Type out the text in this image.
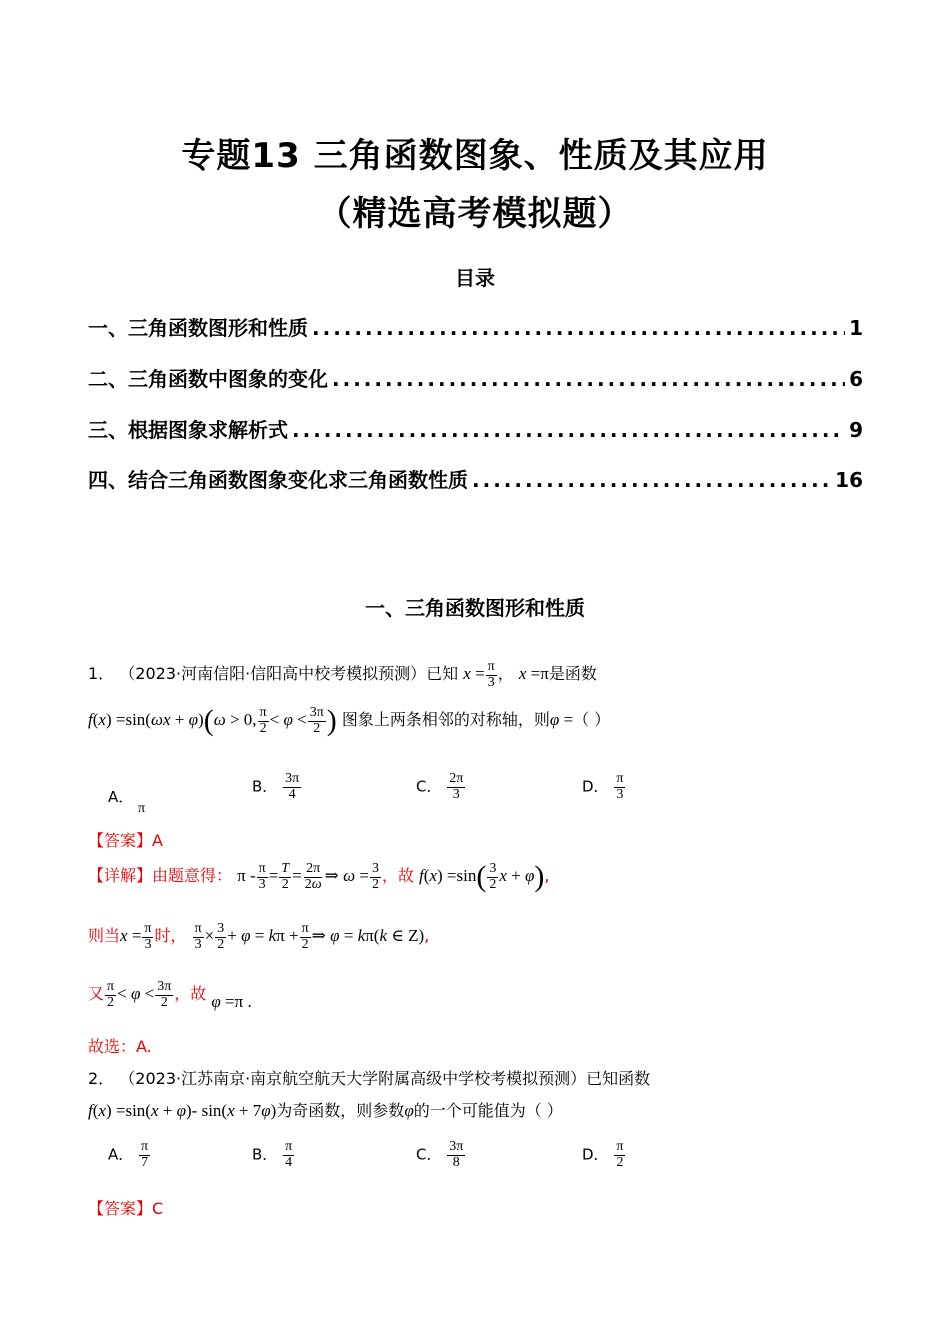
专题13 三角函数图象、性质及其应用
（精选高考模拟题）
目录
一、三角函数图形和性质 .....	1
二、三角函数中图象的变化 .....	6
三、根据图象求解析式 .....	9
四、结合三角函数图象变化求三角函数性质 .....	16
一、三角函数图形和性质
1． （2023·河南信阳·信阳高中校考模拟预测）已知 $x = \frac{\pi}{3}$ ， x =π是函数
f(x) =sin(ωx + φ)(ω > 0, $\frac{\pi}{2} < \varphi < \frac{3\pi}{2}$ ) 图象上两条相邻的对称轴，则φ =（ ）
A． π
B． $\frac{3\pi}{4}$	C． $\frac{2\pi}{3}$	D． $\frac{\pi}{3}$
【答案】A
【详解】由题意得： $\pi - \frac{\pi}{3} = \frac{T}{2} = \frac{2\pi}{2\omega}$ ⇒ $\omega = \frac{3}{2}$ ，故 $f(x) =\sin( \frac{3}{2}$ x + φ),
则当$x = \frac{\pi}{3}$ 时， $\frac{\pi}{3} \times \frac{3}{2} + \varphi = k\pi + \frac{\pi}{2}$ ⇒ φ = kπ(k ∈ Z),
又 $\frac{\pi}{2} < \varphi < \frac{3\pi}{2}$ ，故 φ =π .
故选：A.
2． （2023·江苏南京·南京航空航天大学附属高级中学校考模拟预测）已知函数
f(x) =sin(x + φ)- sin(x + 7φ)为奇函数，则参数φ的一个可能值为（ ）
A． $\frac{\pi}{7}$	B． $\frac{\pi}{4}$	C． $\frac{3\pi}{8}$	D． $\frac{\pi}{2}$
【答案】C
